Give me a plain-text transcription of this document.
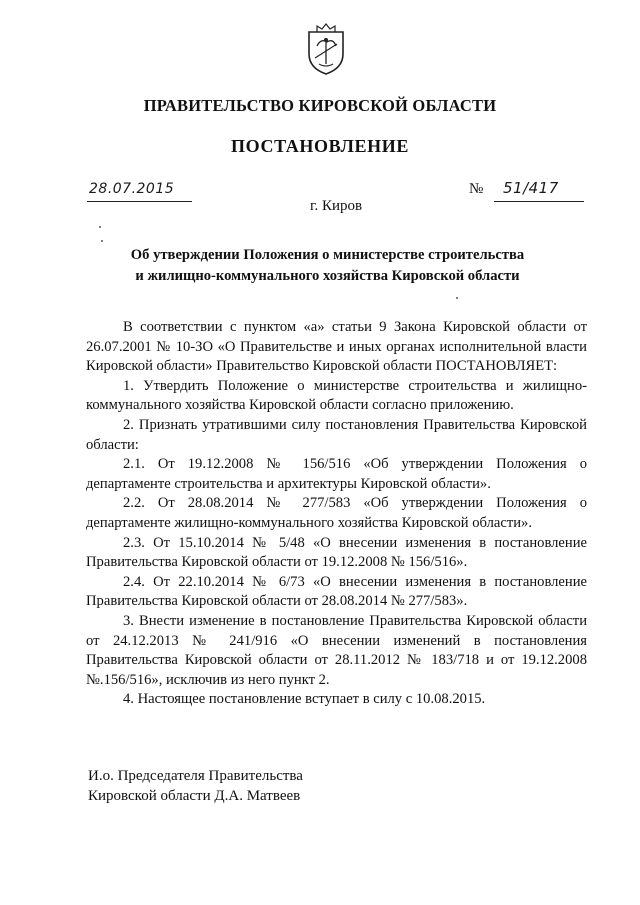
ПРАВИТЕЛЬСТВО КИРОВСКОЙ ОБЛАСТИ
ПОСТАНОВЛЕНИЕ
28.07.2015	№ 51/417
г. Киров
Об утверждении Положения о министерстве строительства
и жилищно-коммунального хозяйства Кировской области

В соответствии с пунктом «а» статьи 9 Закона Кировской области от 26.07.2001 № 10-ЗО «О Правительстве и иных органах исполнительной власти Кировской области» Правительство Кировской области ПОСТАНОВЛЯЕТ:

1. Утвердить Положение о министерстве строительства и жилищно-коммунального хозяйства Кировской области согласно приложению.

2. Признать утратившими силу постановления Правительства Кировской области:

2.1. От 19.12.2008 № 156/516 «Об утверждении Положения о департаменте строительства и архитектуры Кировской области».

2.2. От 28.08.2014 № 277/583 «Об утверждении Положения о департаменте жилищно-коммунального хозяйства Кировской области».

2.3. От 15.10.2014 № 5/48 «О внесении изменения в постановление Правительства Кировской области от 19.12.2008 № 156/516».

2.4. От 22.10.2014 № 6/73 «О внесении изменения в постановление Правительства Кировской области от 28.08.2014 № 277/583».

3. Внести изменение в постановление Правительства Кировской области от 24.12.2013 № 241/916 «О внесении изменений в постановления Правительства Кировской области от 28.11.2012 № 183/718 и от 19.12.2008 №.156/516», исключив из него пункт 2.

4. Настоящее постановление вступает в силу с 10.08.2015.

И.о. Председателя Правительства
Кировской области Д.А. Матвеев
